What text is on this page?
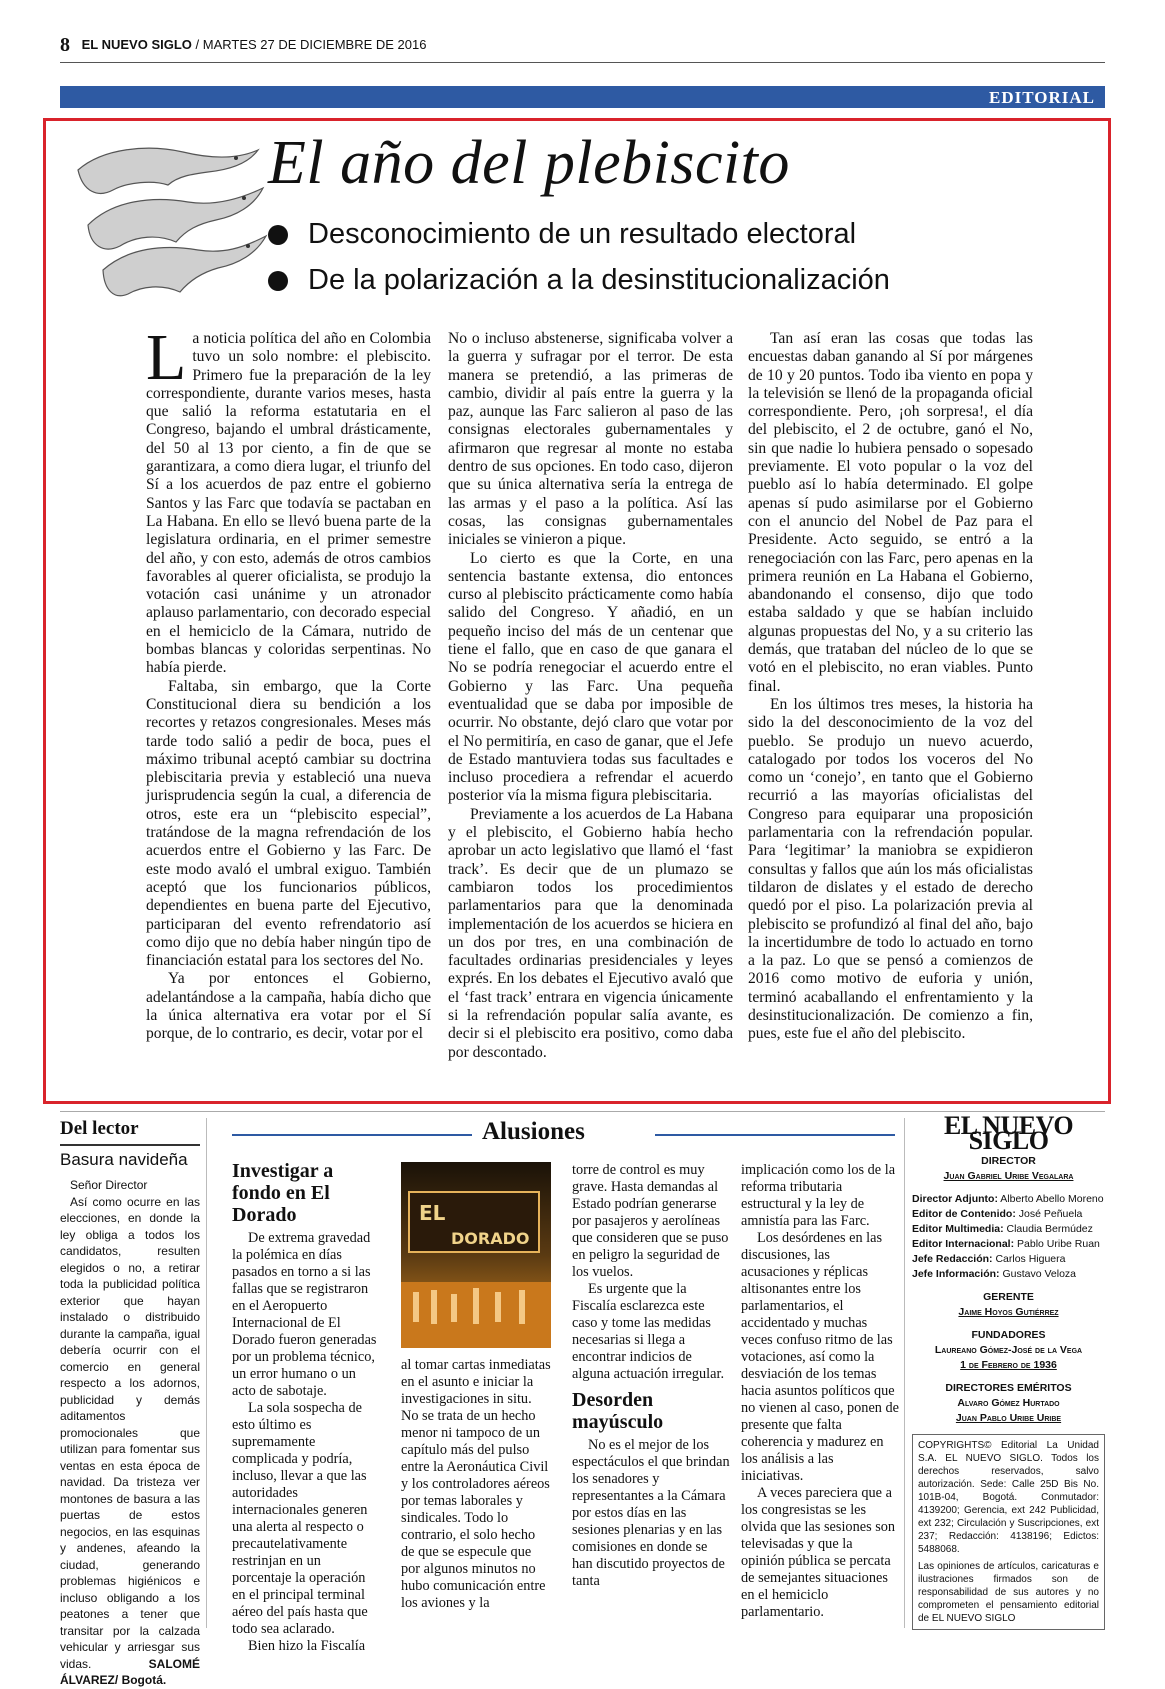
8 EL NUEVO SIGLO / MARTES 27 DE DICIEMBRE DE 2016
EDITORIAL
El año del plebiscito
Desconocimiento de un resultado electoral
De la polarización a la desinstitucionalización

La noticia política del año en Colombia tuvo un solo nombre: el plebiscito. Primero fue la preparación de la ley correspondiente, durante varios meses, hasta que salió la reforma estatutaria en el Congreso, bajando el umbral drásticamente, del 50 al 13 por ciento, a fin de que se garantizara, a como diera lugar, el triunfo del Sí a los acuerdos de paz entre el gobierno Santos y las Farc que todavía se pactaban en La Habana. En ello se llevó buena parte de la legislatura ordinaria, en el primer semestre del año, y con esto, además de otros cambios favorables al querer oficialista, se produjo la votación casi unánime y un atronador aplauso parlamentario, con decorado especial en el hemiciclo de la Cámara, nutrido de bombas blancas y coloridas serpentinas. No había pierde.

Faltaba, sin embargo, que la Corte Constitucional diera su bendición a los recortes y retazos congresionales. Meses más tarde todo salió a pedir de boca, pues el máximo tribunal aceptó cambiar su doctrina plebiscitaria previa y estableció una nueva jurisprudencia según la cual, a diferencia de otros, este era un “plebiscito especial”, tratándose de la magna refrendación de los acuerdos entre el Gobierno y las Farc. De este modo avaló el umbral exiguo. También aceptó que los funcionarios públicos, dependientes en buena parte del Ejecutivo, participaran del evento refrendatorio así como dijo que no debía haber ningún tipo de financiación estatal para los sectores del No.

Ya por entonces el Gobierno, adelantándose a la campaña, había dicho que la única alternativa era votar por el Sí porque, de lo contrario, es decir, votar por el

No o incluso abstenerse, significaba volver a la guerra y sufragar por el terror. De esta manera se pretendió, a las primeras de cambio, dividir al país entre la guerra y la paz, aunque las Farc salieron al paso de las consignas electorales gubernamentales y afirmaron que regresar al monte no estaba dentro de sus opciones. En todo caso, dijeron que su única alternativa sería la entrega de las armas y el paso a la política. Así las cosas, las consignas gubernamentales iniciales se vinieron a pique.

Lo cierto es que la Corte, en una sentencia bastante extensa, dio entonces curso al plebiscito prácticamente como había salido del Congreso. Y añadió, en un pequeño inciso del más de un centenar que tiene el fallo, que en caso de que ganara el No se podría renegociar el acuerdo entre el Gobierno y las Farc. Una pequeña eventualidad que se daba por imposible de ocurrir. No obstante, dejó claro que votar por el No permitiría, en caso de ganar, que el Jefe de Estado mantuviera todas sus facultades e incluso procediera a refrendar el acuerdo posterior vía la misma figura plebiscitaria.

Previamente a los acuerdos de La Habana y el plebiscito, el Gobierno había hecho aprobar un acto legislativo que llamó el ‘fast track’. Es decir que de un plumazo se cambiaron todos los procedimientos parlamentarios para que la denominada implementación de los acuerdos se hiciera en un dos por tres, en una combinación de facultades ordinarias presidenciales y leyes exprés. En los debates el Ejecutivo avaló que el ‘fast track’ entrara en vigencia únicamente si la refrendación popular salía avante, es decir si el plebiscito era positivo, como daba por descontado.

Tan así eran las cosas que todas las encuestas daban ganando al Sí por márgenes de 10 y 20 puntos. Todo iba viento en popa y la televisión se llenó de la propaganda oficial correspondiente. Pero, ¡oh sorpresa!, el día del plebiscito, el 2 de octubre, ganó el No, sin que nadie lo hubiera pensado o sopesado previamente. El voto popular o la voz del pueblo así lo había determinado. El golpe apenas sí pudo asimilarse por el Gobierno con el anuncio del Nobel de Paz para el Presidente. Acto seguido, se entró a la renegociación con las Farc, pero apenas en la primera reunión en La Habana el Gobierno, abandonando el consenso, dijo que todo estaba saldado y que se habían incluido algunas propuestas del No, y a su criterio las demás, que trataban del núcleo de lo que se votó en el plebiscito, no eran viables. Punto final.

En los últimos tres meses, la historia ha sido la del desconocimiento de la voz del pueblo. Se produjo un nuevo acuerdo, catalogado por todos los voceros del No como un ‘conejo’, en tanto que el Gobierno recurrió a las mayorías oficialistas del Congreso para equiparar una proposición parlamentaria con la refrendación popular. Para ‘legitimar’ la maniobra se expidieron consultas y fallos que aún los más oficialistas tildaron de dislates y el estado de derecho quedó por el piso. La polarización previa al plebiscito se profundizó al final del año, bajo la incertidumbre de todo lo actuado en torno a la paz. Lo que se pensó a comienzos de 2016 como motivo de euforia y unión, terminó acaballando el enfrentamiento y la desinstitucionalización. De comienzo a fin, pues, este fue el año del plebiscito.

Del lector
Basura navideña

Señor Director

Así como ocurre en las elecciones, en donde la ley obliga a todos los candidatos, resulten elegidos o no, a retirar toda la publicidad política exterior que hayan instalado o distribuido durante la campaña, igual debería ocurrir con el comercio en general respecto a los adornos, publicidad y demás aditamentos promocionales que utilizan para fomentar sus ventas en esta época de navidad. Da tristeza ver montones de basura a las puertas de estos negocios, en las esquinas y andenes, afeando la ciudad, generando problemas higiénicos e incluso obligando a los peatones a tener que transitar por la calzada vehicular y arriesgar sus vidas.	SALOMÉ ÁLVAREZ/ Bogotá.

Alusiones
Investigar a fondo en El Dorado

De extrema gravedad la polémica en días pasados en torno a si las fallas que se registraron en el Aeropuerto Internacional de El Dorado fueron generadas por un problema técnico, un error humano o un acto de sabotaje.

La sola sospecha de esto último es supremamente complicada y podría, incluso, llevar a que las autoridades internacionales generen una alerta al respecto o precautelativamente restrinjan en un porcentaje la operación en el principal terminal aéreo del país hasta que todo sea aclarado.

Bien hizo la Fiscalía

EL
DORADO

al tomar cartas inmediatas en el asunto e iniciar la investigaciones in situ. No se trata de un hecho menor ni tampoco de un capítulo más del pulso entre la Aeronáutica Civil y los controladores aéreos por temas laborales y sindicales. Todo lo contrario, el solo hecho de que se especule que por algunos minutos no hubo comunicación entre los aviones y la

torre de control es muy grave. Hasta demandas al Estado podrían generarse por pasajeros y aerolíneas que consideren que se puso en peligro la seguridad de los vuelos.

Es urgente que la Fiscalía esclarezca este caso y tome las medidas necesarias si llega a encontrar indicios de alguna actuación irregular.

Desorden mayúsculo

No es el mejor de los espectáculos el que brindan los senadores y representantes a la Cámara por estos días en las sesiones plenarias y en las comisiones en donde se han discutido proyectos de tanta

implicación como los de la reforma tributaria estructural y la ley de amnistía para las Farc.

Los desórdenes en las discusiones, las acusaciones y réplicas altisonantes entre los parlamentarios, el accidentado y muchas veces confuso ritmo de las votaciones, así como la desviación de los temas hacia asuntos políticos que no vienen al caso, ponen de presente que falta coherencia y madurez en los análisis a las iniciativas.

A veces pareciera que a los congresistas se les olvida que las sesiones son televisadas y que la opinión pública se percata de semejantes situaciones en el hemiciclo parlamentario.

EL NUEVO SIGLO
DIRECTOR
Juan Gabriel Uribe Vegalara
Director Adjunto: Alberto Abello Moreno
Editor de Contenido: José Peñuela
Editor Multimedia: Claudia Bermúdez
Editor Internacional: Pablo Uribe Ruan
Jefe Redacción: Carlos Higuera
Jefe Información: Gustavo Veloza
GERENTE
Jaime Hoyos Gutiérrez
FUNDADORES
Laureano Gómez-José de la Vega
1 de Febrero de 1936
DIRECTORES EMÉRITOS
Alvaro Gómez Hurtado
Juan Pablo Uribe Uribe
COPYRIGHTS© Editorial La Unidad S.A. EL NUEVO SIGLO. Todos los derechos reservados, salvo autorización. Sede: Calle 25D Bis No. 101B-04, Bogotá. Conmutador: 4139200; Gerencia, ext 242 Publicidad, ext 232; Circulación y Suscripciones, ext 237; Redacción: 4138196; Edictos: 5488068.
Las opiniones de artículos, caricaturas e ilustraciones firmados son de responsabilidad de sus autores y no comprometen el pensamiento editorial de EL NUEVO SIGLO
